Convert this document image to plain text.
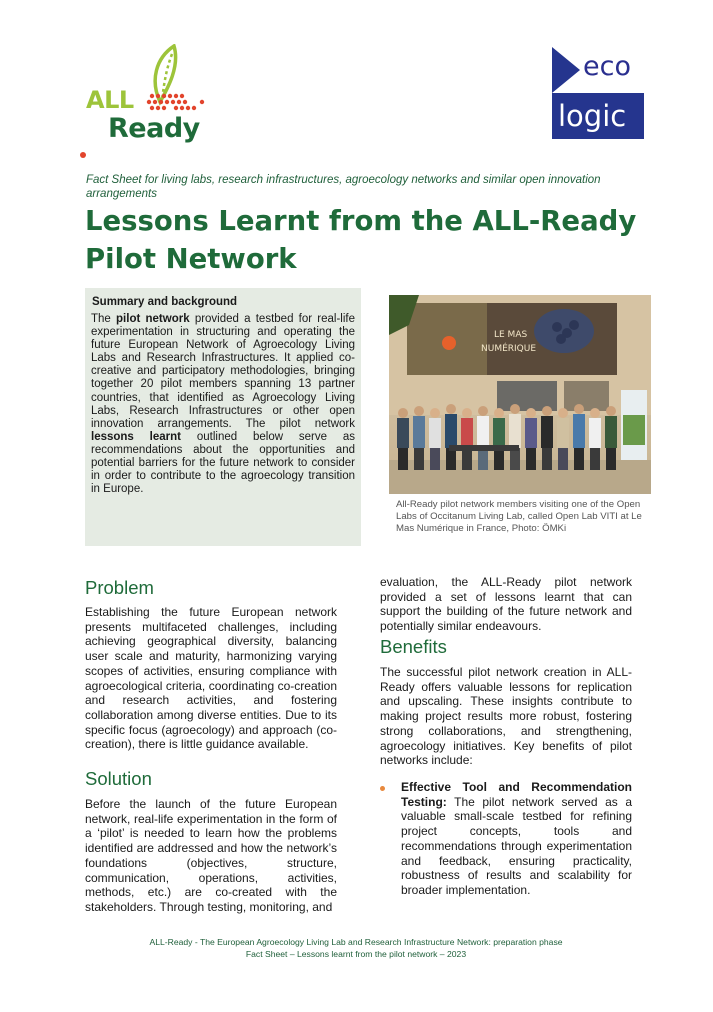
ALL
Ready
eco
logic
Fact Sheet for living labs, research infrastructures, agroecology networks and similar open innovation arrangements
Lessons Learnt from the ALL-Ready Pilot Network
Summary and background

The pilot network provided a testbed for real-life experimentation in structuring and operating the future European Network of Agroecology Living Labs and Research Infrastructures. It applied co-creative and participatory methodologies, bringing together 20 pilot members spanning 13 partner countries, that identified as Agroecology Living Labs, Research Infrastructures or other open innovation arrangements. The pilot network lessons learnt outlined below serve as recommendations about the opportunities and potential barriers for the future network to consider in order to contribute to the agroecology transition in Europe.

LE MAS
NUMÉRIQUE
All-Ready pilot network members visiting one of the Open Labs of Occitanum Living Lab, called Open Lab VITI at Le Mas Numérique in France, Photo: ÖMKi
Problem

Establishing the future European network presents multifaceted challenges, including achieving geographical diversity, balancing user scale and maturity, harmonizing varying scopes of activities, ensuring compliance with agroecological criteria, coordinating co-creation and research activities, and fostering collaboration among diverse entities. Due to its specific focus (agroecology) and approach (co-creation), there is little guidance available.

Solution

Before the launch of the future European network, real-life experimentation in the form of a ‘pilot’ is needed to learn how the problems identified are addressed and how the network’s foundations (objectives, structure, communication, operations, activities, methods, etc.) are co-created with the stakeholders. Through testing, monitoring, and

evaluation, the ALL-Ready pilot network provided a set of lessons learnt that can support the building of the future network and potentially similar endeavours.

Benefits

The successful pilot network creation in ALL-Ready offers valuable lessons for replication and upscaling. These insights contribute to making project results more robust, fostering strong collaborations, and strengthening, agroecology initiatives. Key benefits of pilot networks include:

Effective Tool and Recommendation Testing: The pilot network served as a valuable small-scale testbed for refining project concepts, tools and recommendations through experimentation and feedback, ensuring practicality, robustness of results and scalability for broader implementation.

ALL-Ready - The European Agroecology Living Lab and Research Infrastructure Network: preparation phase
Fact Sheet – Lessons learnt from the pilot network – 2023
